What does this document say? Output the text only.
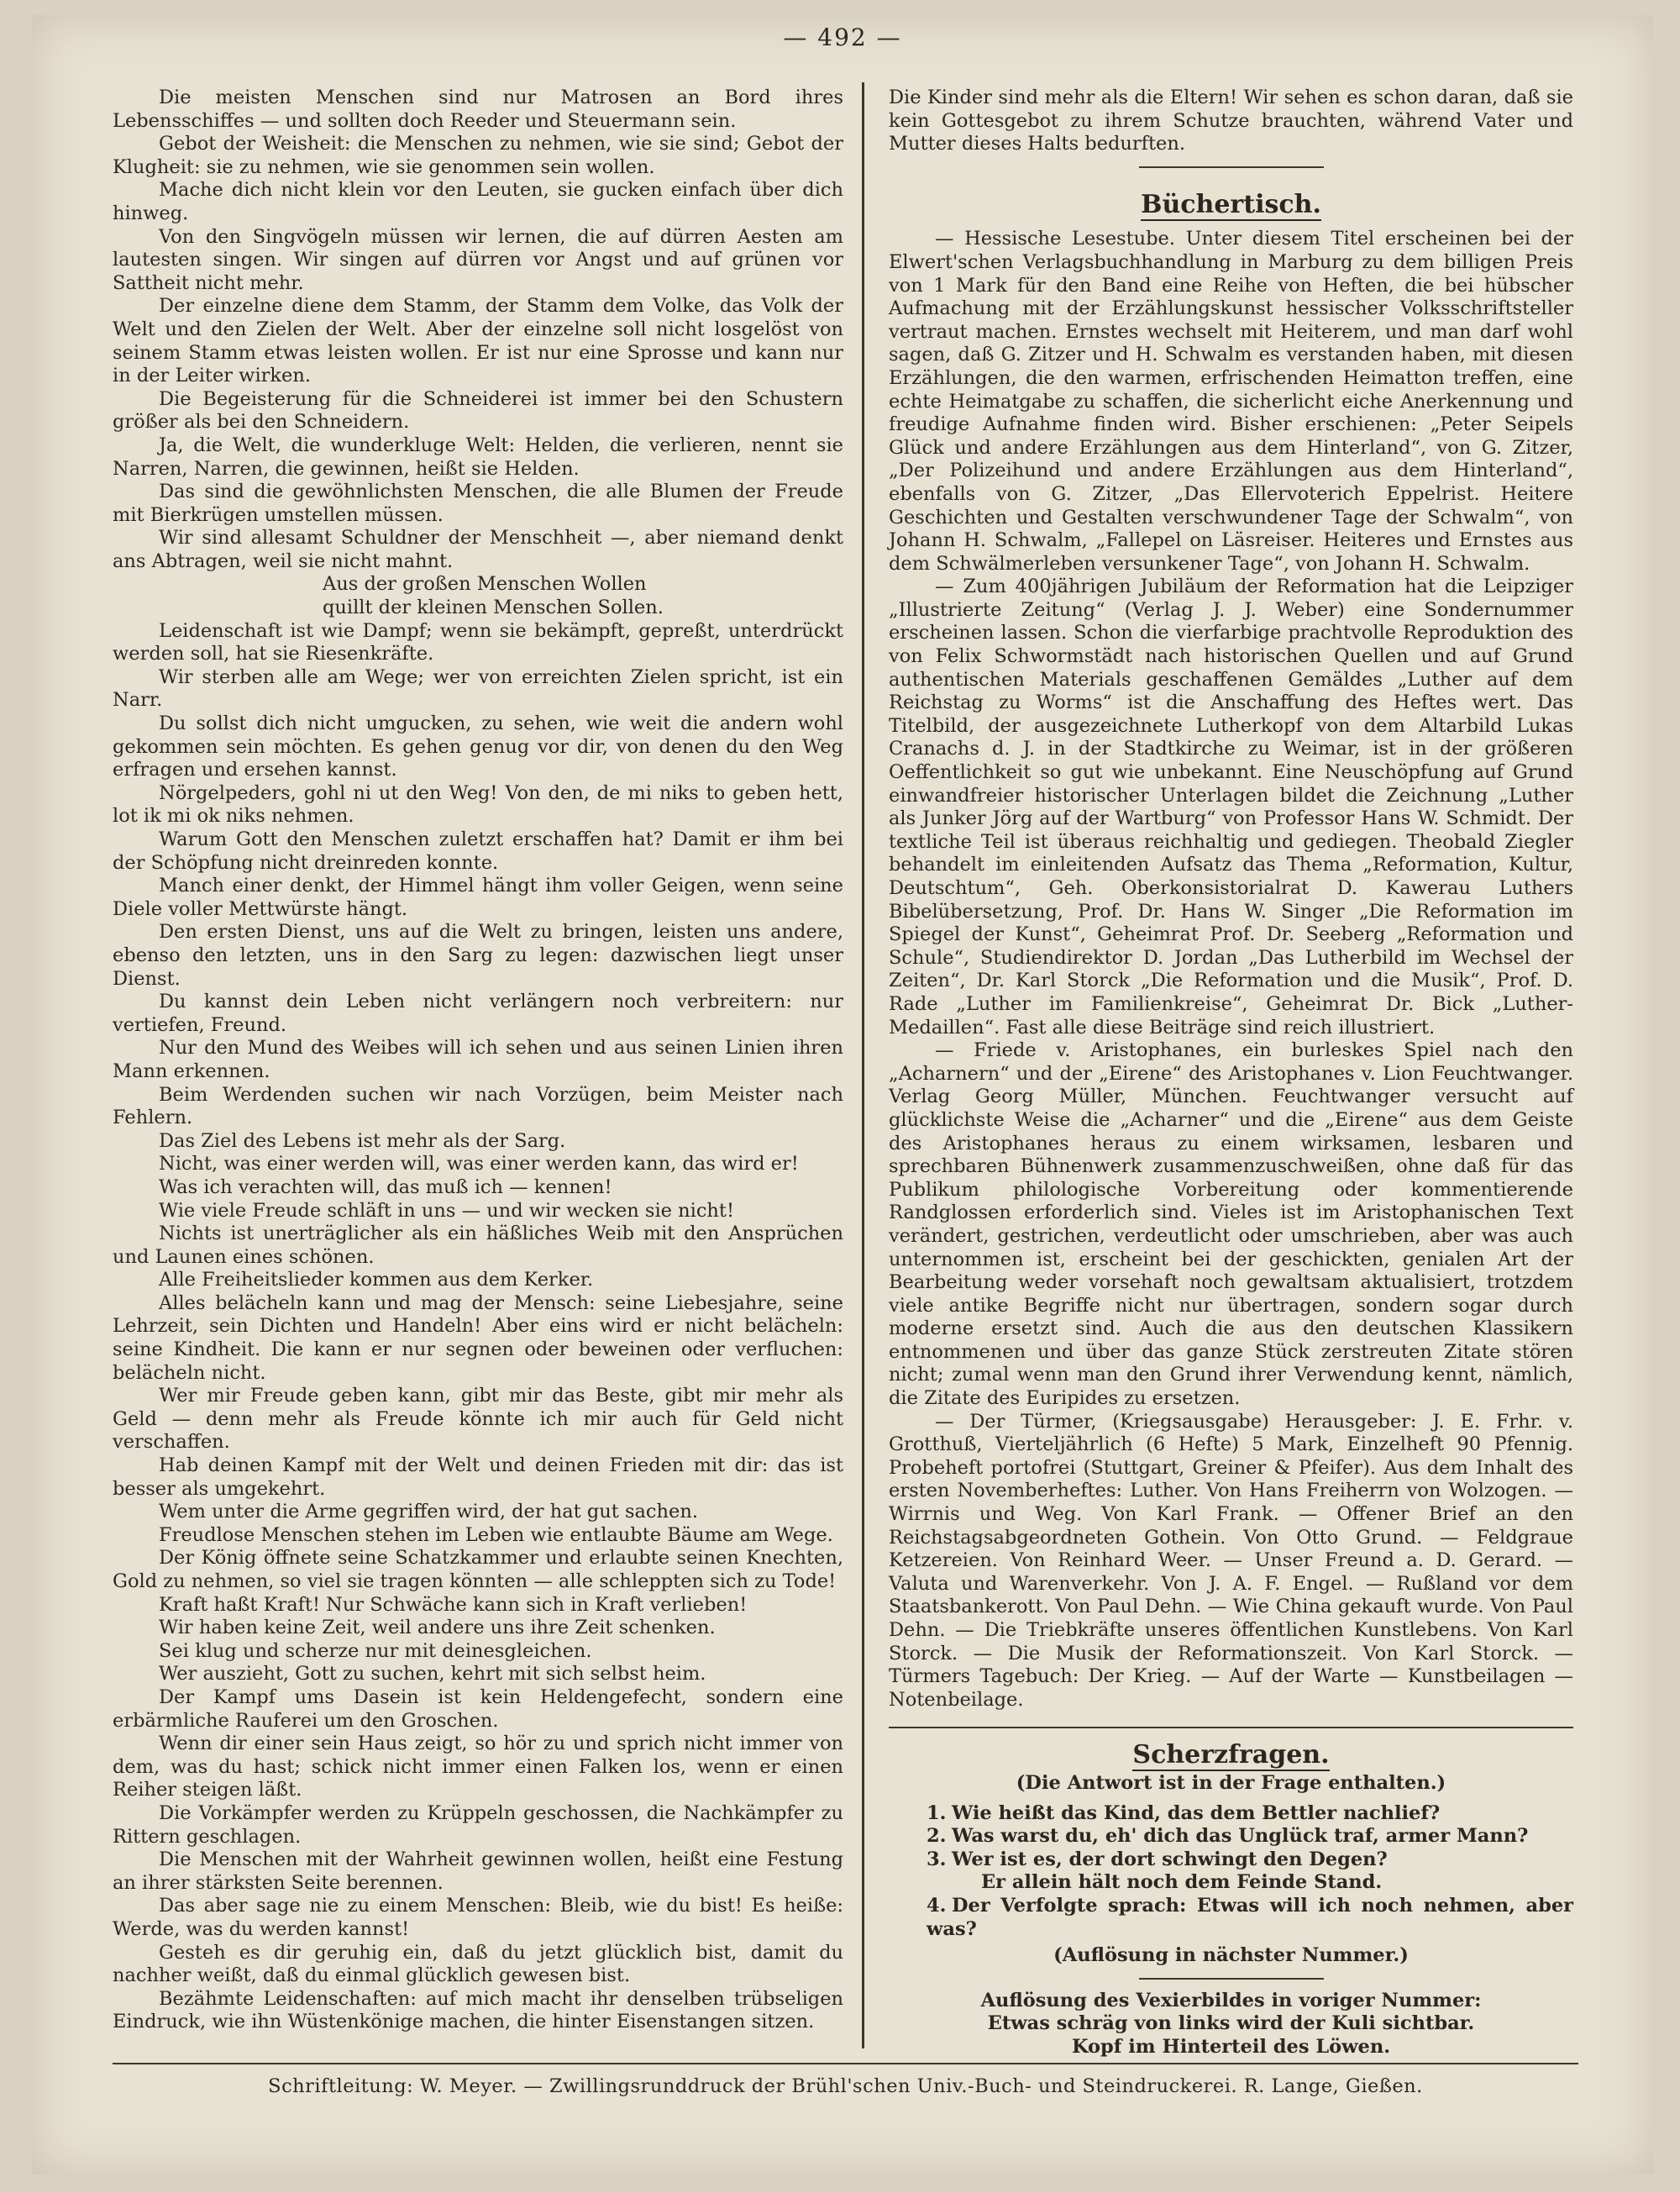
— 492 —

Die meisten Menschen sind nur Matrosen an Bord ihres Lebensschiffes — und sollten doch Reeder und Steuermann sein.

Gebot der Weisheit: die Menschen zu nehmen, wie sie sind; Gebot der Klugheit: sie zu nehmen, wie sie genommen sein wollen.

Mache dich nicht klein vor den Leuten, sie gucken einfach über dich hinweg.

Von den Singvögeln müssen wir lernen, die auf dürren Aesten am lautesten singen. Wir singen auf dürren vor Angst und auf grünen vor Sattheit nicht mehr.

Der einzelne diene dem Stamm, der Stamm dem Volke, das Volk der Welt und den Zielen der Welt. Aber der einzelne soll nicht losgelöst von seinem Stamm etwas leisten wollen. Er ist nur eine Sprosse und kann nur in der Leiter wirken.

Die Begeisterung für die Schneiderei ist immer bei den Schustern größer als bei den Schneidern.

Ja, die Welt, die wunderkluge Welt: Helden, die verlieren, nennt sie Narren, Narren, die gewinnen, heißt sie Helden.

Das sind die gewöhnlichsten Menschen, die alle Blumen der Freude mit Bierkrügen umstellen müssen.

Wir sind allesamt Schuldner der Menschheit —, aber niemand denkt ans Abtragen, weil sie nicht mahnt.

Aus der großen Menschen Wollen

quillt der kleinen Menschen Sollen.

Leidenschaft ist wie Dampf; wenn sie bekämpft, gepreßt, unterdrückt werden soll, hat sie Riesenkräfte.

Wir sterben alle am Wege; wer von erreichten Zielen spricht, ist ein Narr.

Du sollst dich nicht umgucken, zu sehen, wie weit die andern wohl gekommen sein möchten. Es gehen genug vor dir, von denen du den Weg erfragen und ersehen kannst.

Nörgelpeders, gohl ni ut den Weg! Von den, de mi niks to geben hett, lot ik mi ok niks nehmen.

Warum Gott den Menschen zuletzt erschaffen hat? Damit er ihm bei der Schöpfung nicht dreinreden konnte.

Manch einer denkt, der Himmel hängt ihm voller Geigen, wenn seine Diele voller Mettwürste hängt.

Den ersten Dienst, uns auf die Welt zu bringen, leisten uns andere, ebenso den letzten, uns in den Sarg zu legen: dazwischen liegt unser Dienst.

Du kannst dein Leben nicht verlängern noch verbreitern: nur vertiefen, Freund.

Nur den Mund des Weibes will ich sehen und aus seinen Linien ihren Mann erkennen.

Beim Werdenden suchen wir nach Vorzügen, beim Meister nach Fehlern.

Das Ziel des Lebens ist mehr als der Sarg.

Nicht, was einer werden will, was einer werden kann, das wird er!

Was ich verachten will, das muß ich — kennen!

Wie viele Freude schläft in uns — und wir wecken sie nicht!

Nichts ist unerträglicher als ein häßliches Weib mit den Ansprüchen und Launen eines schönen.

Alle Freiheitslieder kommen aus dem Kerker.

Alles belächeln kann und mag der Mensch: seine Liebesjahre, seine Lehrzeit, sein Dichten und Handeln! Aber eins wird er nicht belächeln: seine Kindheit. Die kann er nur segnen oder beweinen oder verfluchen: belächeln nicht.

Wer mir Freude geben kann, gibt mir das Beste, gibt mir mehr als Geld — denn mehr als Freude könnte ich mir auch für Geld nicht verschaffen.

Hab deinen Kampf mit der Welt und deinen Frieden mit dir: das ist besser als umgekehrt.

Wem unter die Arme gegriffen wird, der hat gut sachen.

Freudlose Menschen stehen im Leben wie entlaubte Bäume am Wege.

Der König öffnete seine Schatzkammer und erlaubte seinen Knechten, Gold zu nehmen, so viel sie tragen könnten — alle schleppten sich zu Tode!

Kraft haßt Kraft! Nur Schwäche kann sich in Kraft verlieben!

Wir haben keine Zeit, weil andere uns ihre Zeit schenken.

Sei klug und scherze nur mit deinesgleichen.

Wer auszieht, Gott zu suchen, kehrt mit sich selbst heim.

Der Kampf ums Dasein ist kein Heldengefecht, sondern eine erbärmliche Rauferei um den Groschen.

Wenn dir einer sein Haus zeigt, so hör zu und sprich nicht immer von dem, was du hast; schick nicht immer einen Falken los, wenn er einen Reiher steigen läßt.

Die Vorkämpfer werden zu Krüppeln geschossen, die Nachkämpfer zu Rittern geschlagen.

Die Menschen mit der Wahrheit gewinnen wollen, heißt eine Festung an ihrer stärksten Seite berennen.

Das aber sage nie zu einem Menschen: Bleib, wie du bist! Es heiße: Werde, was du werden kannst!

Gesteh es dir geruhig ein, daß du jetzt glücklich bist, damit du nachher weißt, daß du einmal glücklich gewesen bist.

Bezähmte Leidenschaften: auf mich macht ihr denselben trübseligen Eindruck, wie ihn Wüstenkönige machen, die hinter Eisenstangen sitzen.

Die Kinder sind mehr als die Eltern! Wir sehen es schon daran, daß sie kein Gottesgebot zu ihrem Schutze brauchten, während Vater und Mutter dieses Halts bedurften.

Büchertisch.

— Hessische Lesestube. Unter diesem Titel erscheinen bei der Elwert'schen Verlagsbuchhandlung in Marburg zu dem billigen Preis von 1 Mark für den Band eine Reihe von Heften, die bei hübscher Aufmachung mit der Erzählungskunst hessischer Volksschriftsteller vertraut machen. Ernstes wechselt mit Heiterem, und man darf wohl sagen, daß G. Zitzer und H. Schwalm es verstanden haben, mit diesen Erzählungen, die den warmen, erfrischenden Heimatton treffen, eine echte Heimatgabe zu schaffen, die sicherlicht eiche Anerkennung und freudige Aufnahme finden wird. Bisher erschienen: „Peter Seipels Glück und andere Erzählungen aus dem Hinterland“, von G. Zitzer, „Der Polizeihund und andere Erzählungen aus dem Hinterland“, ebenfalls von G. Zitzer, „Das Ellervoterich Eppelrist. Heitere Geschichten und Gestalten verschwundener Tage der Schwalm“, von Johann H. Schwalm, „Fallepel on Läsreiser. Heiteres und Ernstes aus dem Schwälmerleben versunkener Tage“, von Johann H. Schwalm.

— Zum 400jährigen Jubiläum der Reformation hat die Leipziger „Illustrierte Zeitung“ (Verlag J. J. Weber) eine Sondernummer erscheinen lassen. Schon die vierfarbige prachtvolle Reproduktion des von Felix Schwormstädt nach historischen Quellen und auf Grund authentischen Materials geschaffenen Gemäldes „Luther auf dem Reichstag zu Worms“ ist die Anschaffung des Heftes wert. Das Titelbild, der ausgezeichnete Lutherkopf von dem Altarbild Lukas Cranachs d. J. in der Stadtkirche zu Weimar, ist in der größeren Oeffentlichkeit so gut wie unbekannt. Eine Neuschöpfung auf Grund einwandfreier historischer Unterlagen bildet die Zeichnung „Luther als Junker Jörg auf der Wartburg“ von Professor Hans W. Schmidt. Der textliche Teil ist überaus reichhaltig und gediegen. Theobald Ziegler behandelt im einleitenden Aufsatz das Thema „Reformation, Kultur, Deutschtum“, Geh. Oberkonsistorialrat D. Kawerau Luthers Bibelübersetzung, Prof. Dr. Hans W. Singer „Die Reformation im Spiegel der Kunst“, Geheimrat Prof. Dr. Seeberg „Reformation und Schule“, Studiendirektor D. Jordan „Das Lutherbild im Wechsel der Zeiten“, Dr. Karl Storck „Die Reformation und die Musik“, Prof. D. Rade „Luther im Familienkreise“, Geheimrat Dr. Bick „Luther-Medaillen“. Fast alle diese Beiträge sind reich illustriert.

— Friede v. Aristophanes, ein burleskes Spiel nach den „Acharnern“ und der „Eirene“ des Aristophanes v. Lion Feuchtwanger. Verlag Georg Müller, München. Feuchtwanger versucht auf glücklichste Weise die „Acharner“ und die „Eirene“ aus dem Geiste des Aristophanes heraus zu einem wirksamen, lesbaren und sprechbaren Bühnenwerk zusammenzuschweißen, ohne daß für das Publikum philologische Vorbereitung oder kommentierende Randglossen erforderlich sind. Vieles ist im Aristophanischen Text verändert, gestrichen, verdeutlicht oder umschrieben, aber was auch unternommen ist, erscheint bei der geschickten, genialen Art der Bearbeitung weder vorsehaft noch gewaltsam aktualisiert, trotzdem viele antike Begriffe nicht nur übertragen, sondern sogar durch moderne ersetzt sind. Auch die aus den deutschen Klassikern entnommenen und über das ganze Stück zerstreuten Zitate stören nicht; zumal wenn man den Grund ihrer Verwendung kennt, nämlich, die Zitate des Euripides zu ersetzen.

— Der Türmer, (Kriegsausgabe) Herausgeber: J. E. Frhr. v. Grotthuß, Vierteljährlich (6 Hefte) 5 Mark, Einzelheft 90 Pfennig. Probeheft portofrei (Stuttgart, Greiner & Pfeifer). Aus dem Inhalt des ersten Novemberheftes: Luther. Von Hans Freiherrn von Wolzogen. — Wirrnis und Weg. Von Karl Frank. — Offener Brief an den Reichstagsabgeordneten Gothein. Von Otto Grund. — Feldgraue Ketzereien. Von Reinhard Weer. — Unser Freund a. D. Gerard. — Valuta und Warenverkehr. Von J. A. F. Engel. — Rußland vor dem Staatsbankerott. Von Paul Dehn. — Wie China gekauft wurde. Von Paul Dehn. — Die Triebkräfte unseres öffentlichen Kunstlebens. Von Karl Storck. — Die Musik der Reformationszeit. Von Karl Storck. — Türmers Tagebuch: Der Krieg. — Auf der Warte — Kunstbeilagen — Notenbeilage.

Scherzfragen.
(Die Antwort ist in der Frage enthalten.)
1. Wie heißt das Kind, das dem Bettler nachlief?
2. Was warst du, eh' dich das Unglück traf, armer Mann?
3. Wer ist es, der dort schwingt den Degen?
Er allein hält noch dem Feinde Stand.
4. Der Verfolgte sprach: Etwas will ich noch nehmen, aber was?
(Auflösung in nächster Nummer.)
Auflösung des Vexierbildes in voriger Nummer:
Etwas schräg von links wird der Kuli sichtbar.
Kopf im Hinterteil des Löwen.
Schriftleitung: W. Meyer. — Zwillingsrunddruck der Brühl'schen Univ.-Buch- und Steindruckerei. R. Lange, Gießen.
